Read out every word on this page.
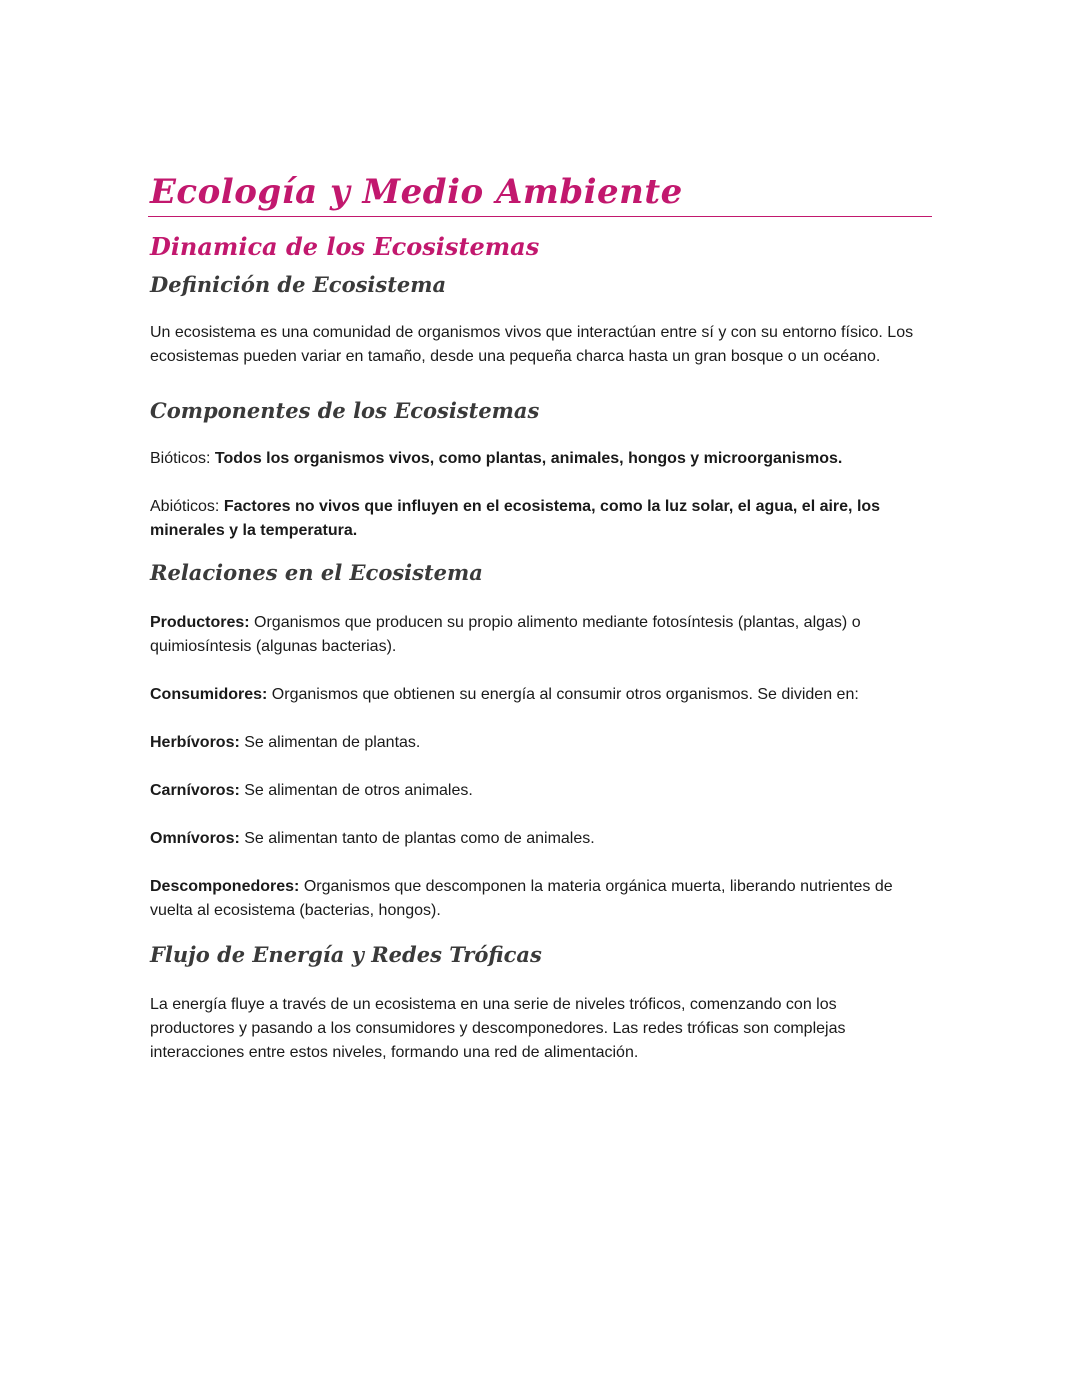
Ecología y Medio Ambiente
Dinamica de los Ecosistemas
Definición de Ecosistema

Un ecosistema es una comunidad de organismos vivos que interactúan entre sí y con su entorno físico. Los ecosistemas pueden variar en tamaño, desde una pequeña charca hasta un gran bosque o un océano.

Componentes de los Ecosistemas

Bióticos: Todos los organismos vivos, como plantas, animales, hongos y microorganismos.

Abióticos: Factores no vivos que influyen en el ecosistema, como la luz solar, el agua, el aire, los minerales y la temperatura.

Relaciones en el Ecosistema

Productores: Organismos que producen su propio alimento mediante fotosíntesis (plantas, algas) o quimiosíntesis (algunas bacterias).

Consumidores: Organismos que obtienen su energía al consumir otros organismos. Se dividen en:

Herbívoros: Se alimentan de plantas.

Carnívoros: Se alimentan de otros animales.

Omnívoros: Se alimentan tanto de plantas como de animales.

Descomponedores: Organismos que descomponen la materia orgánica muerta, liberando nutrientes de vuelta al ecosistema (bacterias, hongos).

Flujo de Energía y Redes Tróficas

La energía fluye a través de un ecosistema en una serie de niveles tróficos, comenzando con los productores y pasando a los consumidores y descomponedores. Las redes tróficas son complejas interacciones entre estos niveles, formando una red de alimentación.
